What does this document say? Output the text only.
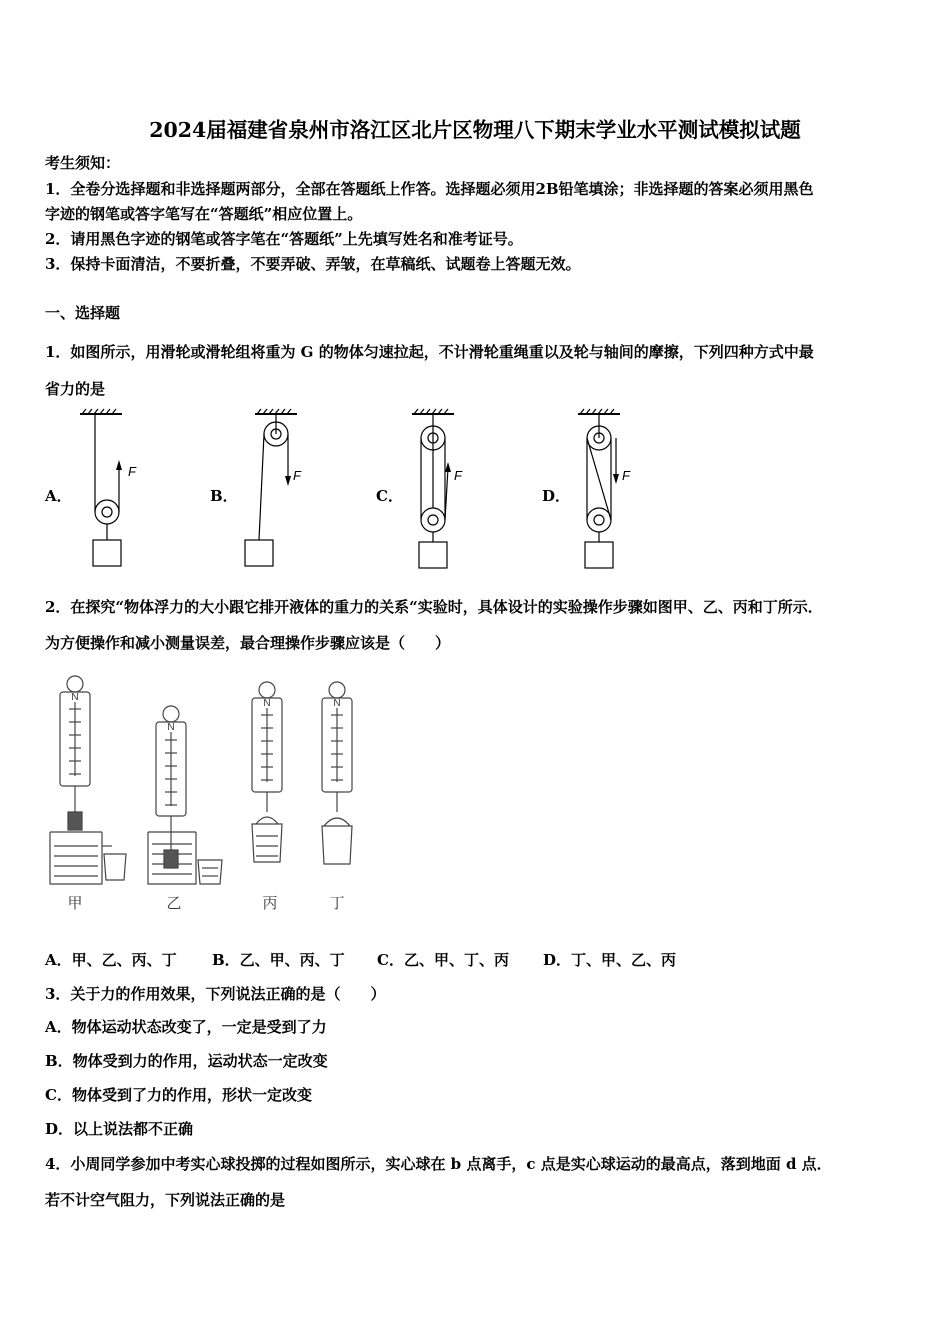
2024届福建省泉州市洛江区北片区物理八下期末学业水平测试模拟试题
考生须知：
1．全卷分选择题和非选择题两部分，全部在答题纸上作答。选择题必须用2B铅笔填涂；非选择题的答案必须用黑色
字迹的钢笔或答字笔写在“答题纸”相应位置上。
2．请用黑色字迹的钢笔或答字笔在“答题纸”上先填写姓名和准考证号。
3．保持卡面清洁，不要折叠，不要弄破、弄皱，在草稿纸、试题卷上答题无效。
一、选择题
1．如图所示，用滑轮或滑轮组将重为 G 的物体匀速拉起，不计滑轮重绳重以及轮与轴间的摩擦，下列四种方式中最
省力的是
A．	B．	C．	D．
F	F	F	F
2．在探究“物体浮力的大小跟它排开液体的重力的关系“实验时，具体设计的实验操作步骤如图甲、乙、丙和丁所示．
为方便操作和减小测量误差，最合理操作步骤应该是（　　）
N
N
N	N
甲	乙	丙	丁
A．甲、乙、丙、丁 B．乙、甲、丙、丁 C．乙、甲、丁、丙 D．丁、甲、乙、丙
3．关于力的作用效果，下列说法正确的是（　　）
A．物体运动状态改变了，一定是受到了力
B．物体受到力的作用，运动状态一定改变
C．物体受到了力的作用，形状一定改变
D．以上说法都不正确
4．小周同学参加中考实心球投掷的过程如图所示，实心球在 b 点离手，c 点是实心球运动的最高点，落到地面 d 点．
若不计空气阻力，下列说法正确的是
